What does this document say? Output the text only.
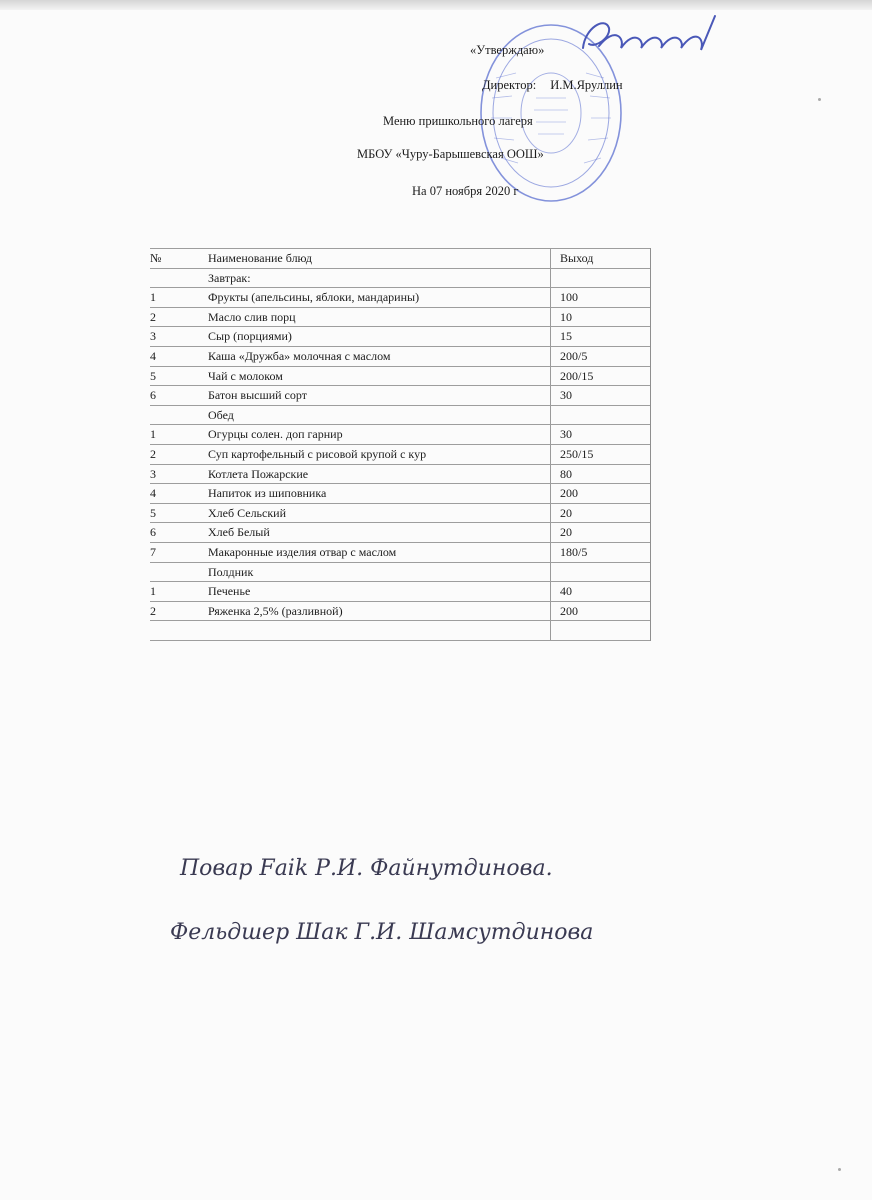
«Утверждаю»
Директор: И.М.Яруллин
Меню пришкольного лагеря
МБОУ «Чуру-Барышевская ООШ»
На 07 ноября 2020 г
№	Наименование блюд	Выход
Завтрак:
1	Фрукты (апельсины, яблоки, мандарины)	100
2	Масло слив порц	10
3	Сыр (порциями)	15
4	Каша «Дружба» молочная с маслом	200/5
5	Чай с молоком	200/15
6	Батон высший сорт	30
Обед
1	Огурцы солен. доп гарнир	30
2	Суп картофельный с рисовой крупой с кур	250/15
3	Котлета Пожарские	80
4	Напиток из шиповника	200
5	Хлеб Сельский	20
6	Хлеб Белый	20
7	Макаронные изделия отвар с маслом	180/5
Полдник
1	Печенье	40
2	Ряженка 2,5% (разливной)	200
Повар Fаik Р.И. Файнутдинова.
Фельдшер Шак Г.И. Шамсутдинова
